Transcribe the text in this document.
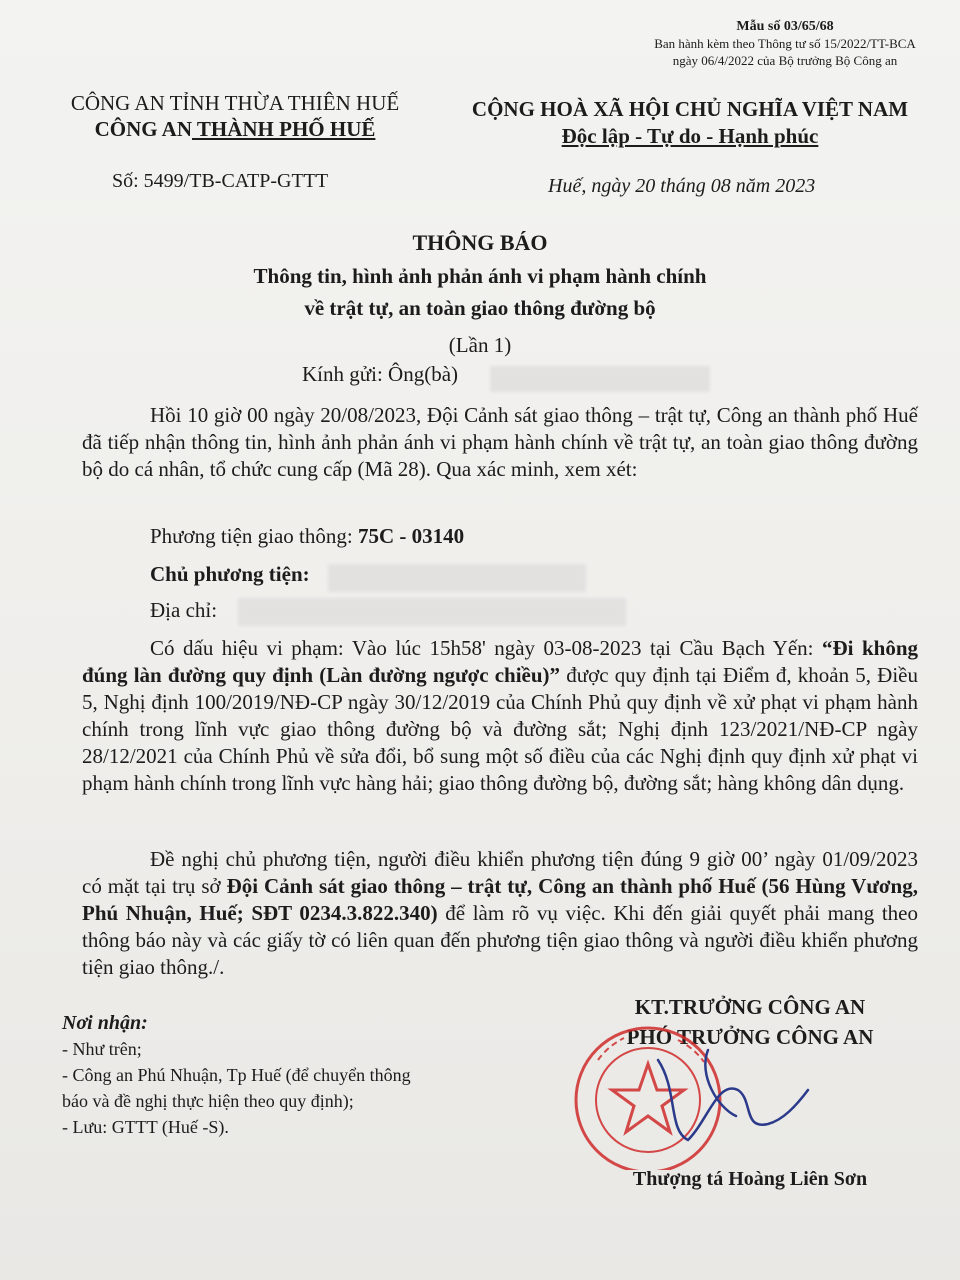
Mẫu số 03/65/68
Ban hành kèm theo Thông tư số 15/2022/TT-BCA
ngày 06/4/2022 của Bộ trưởng Bộ Công an
CÔNG AN TỈNH THỪA THIÊN HUẾ
CÔNG AN THÀNH PHỐ HUẾ
CỘNG HOÀ XÃ HỘI CHỦ NGHĨA VIỆT NAM
Độc lập - Tự do - Hạnh phúc
Số: 5499/TB-CATP-GTTT	Huế, ngày 20 tháng 08 năm 2023
THÔNG BÁO
Thông tin, hình ảnh phản ánh vi phạm hành chính
về trật tự, an toàn giao thông đường bộ
(Lần 1)
Kính gửi: Ông(bà)
Hồi 10 giờ 00 ngày 20/08/2023, Đội Cảnh sát giao thông – trật tự, Công an thành phố Huế đã tiếp nhận thông tin, hình ảnh phản ánh vi phạm hành chính về trật tự, an toàn giao thông đường bộ do cá nhân, tổ chức cung cấp (Mã 28). Qua xác minh, xem xét:
Phương tiện giao thông: 75C - 03140
Chủ phương tiện:
Địa chỉ:
Có dấu hiệu vi phạm: Vào lúc 15h58' ngày 03-08-2023 tại Cầu Bạch Yến: “Đi không đúng làn đường quy định (Làn đường ngược chiều)” được quy định tại Điểm đ, khoản 5, Điều 5, Nghị định 100/2019/NĐ-CP ngày 30/12/2019 của Chính Phủ quy định về xử phạt vi phạm hành chính trong lĩnh vực giao thông đường bộ và đường sắt; Nghị định 123/2021/NĐ-CP ngày 28/12/2021 của Chính Phủ về sửa đổi, bổ sung một số điều của các Nghị định quy định xử phạt vi phạm hành chính trong lĩnh vực hàng hải; giao thông đường bộ, đường sắt; hàng không dân dụng.
Đề nghị chủ phương tiện, người điều khiển phương tiện đúng 9 giờ 00’ ngày 01/09/2023 có mặt tại trụ sở Đội Cảnh sát giao thông – trật tự, Công an thành phố Huế (56 Hùng Vương, Phú Nhuận, Huế; SĐT 0234.3.822.340) để làm rõ vụ việc. Khi đến giải quyết phải mang theo thông báo này và các giấy tờ có liên quan đến phương tiện giao thông và người điều khiển phương tiện giao thông./.
Nơi nhận:
- Như trên;
- Công an Phú Nhuận, Tp Huế (để chuyển thông
báo và đề nghị thực hiện theo quy định);
- Lưu: GTTT (Huế -S).
KT.TRƯỞNG CÔNG AN
PHÓ TRƯỞNG CÔNG AN
Thượng tá Hoàng Liên Sơn
